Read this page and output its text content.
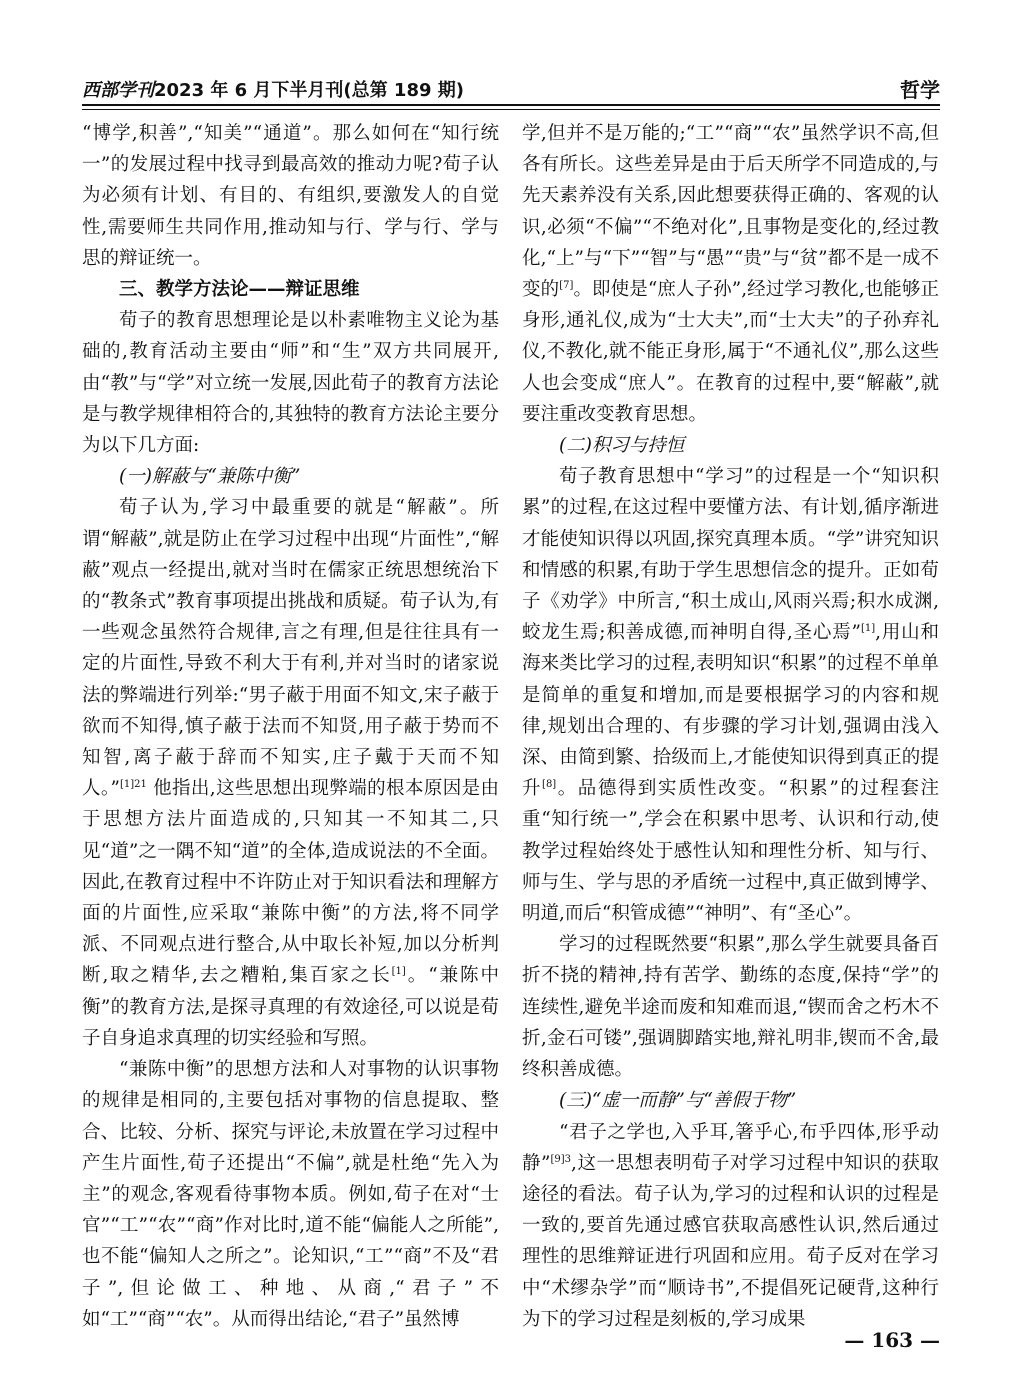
西部学刊2023 年 6 月下半月刊(总第 189 期)	哲学

“博学,积善”,“知美”“通道”。那么如何在“知行统一”的发展过程中找寻到最高效的推动力呢?荀子认为必须有计划、有目的、有组织,要激发人的自觉性,需要师生共同作用,推动知与行、学与行、学与思的辩证统一。

三、教学方法论——辩证思维

荀子的教育思想理论是以朴素唯物主义论为基础的,教育活动主要由“师”和“生”双方共同展开,由“教”与“学”对立统一发展,因此荀子的教育方法论是与教学规律相符合的,其独特的教育方法论主要分为以下几方面:

(一)解蔽与“兼陈中衡”

荀子认为,学习中最重要的就是“解蔽”。所谓“解蔽”,就是防止在学习过程中出现“片面性”,“解蔽”观点一经提出,就对当时在儒家正统思想统治下的“教条式”教育事项提出挑战和质疑。荀子认为,有一些观念虽然符合规律,言之有理,但是往往具有一定的片面性,导致不利大于有利,并对当时的诸家说法的弊端进行列举:“男子蔽于用面不知文,宋子蔽于欲而不知得,慎子蔽于法而不知贤,用子蔽于势而不知智,离子蔽于辞而不知实,庄子戴于天而不知人。”$^{[1]21}$ 他指出,这些思想出现弊端的根本原因是由于思想方法片面造成的,只知其一不知其二,只见“道”之一隅不知“道”的全体,造成说法的不全面。因此,在教育过程中不许防止对于知识看法和理解方面的片面性,应采取“兼陈中衡”的方法,将不同学派、不同观点进行整合,从中取长补短,加以分析判断,取之精华,去之糟粕,集百家之长[1]。“兼陈中衡”的教育方法,是探寻真理的有效途径,可以说是荀子自身追求真理的切实经验和写照。

“兼陈中衡”的思想方法和人对事物的认识事物的规律是相同的,主要包括对事物的信息提取、整合、比较、分析、探究与评论,未放置在学习过程中产生片面性,荀子还提出“不偏”,就是杜绝“先入为主”的观念,客观看待事物本质。例如,荀子在对“士官”“工”“农”“商”作对比时,道不能“偏能人之所能”,也不能“偏知人之所之”。论知识,“工”“商”不及“君子”,但论做工、种地、从商,“君子”不如“工”“商”“农”。从而得出结论,“君子”虽然博

学,但并不是万能的;“工”“商”“农”虽然学识不高,但各有所长。这些差异是由于后天所学不同造成的,与先天素养没有关系,因此想要获得正确的、客观的认识,必须“不偏”“不绝对化”,且事物是变化的,经过教化,“上”与“下”“智”与“愚”“贵”与“贫”都不是一成不变的[7]。即使是“庶人子孙”,经过学习教化,也能够正身形,通礼仪,成为“士大夫”,而“士大夫”的子孙弃礼仪,不教化,就不能正身形,属于“不通礼仪”,那么这些人也会变成“庶人”。在教育的过程中,要“解蔽”,就要注重改变教育思想。

(二)积习与持恒

荀子教育思想中“学习”的过程是一个“知识积累”的过程,在这过程中要懂方法、有计划,循序渐进才能使知识得以巩固,探究真理本质。“学”讲究知识和情感的积累,有助于学生思想信念的提升。正如荀子《劝学》中所言,“积土成山,风雨兴焉;积水成渊,蛟龙生焉;积善成德,而神明自得,圣心焉”[1],用山和海来类比学习的过程,表明知识“积累”的过程不单单是简单的重复和增加,而是要根据学习的内容和规律,规划出合理的、有步骤的学习计划,强调由浅入深、由简到繁、拾级而上,才能使知识得到真正的提升[8]。品德得到实质性改变。“积累”的过程套注重“知行统一”,学会在积累中思考、认识和行动,使教学过程始终处于感性认知和理性分析、知与行、师与生、学与思的矛盾统一过程中,真正做到博学、明道,而后“积管成德”“神明”、有“圣心”。

学习的过程既然要“积累”,那么学生就要具备百折不挠的精神,持有苦学、勤练的态度,保持“学”的连续性,避免半途而废和知难而退,“锲而舍之朽木不折,金石可镂”,强调脚踏实地,辩礼明非,锲而不舍,最终积善成德。

(三)“虚一而静”与“善假于物”

“君子之学也,入乎耳,箸乎心,布乎四体,形乎动静”$^{[9]3}$,这一思想表明荀子对学习过程中知识的获取途径的看法。荀子认为,学习的过程和认识的过程是一致的,要首先通过感官获取高感性认识,然后通过理性的思维辩证进行巩固和应用。荀子反对在学习中“术缪杂学”而“顺诗书”,不提倡死记硬背,这种行为下的学习过程是刻板的,学习成果

— 163 —
